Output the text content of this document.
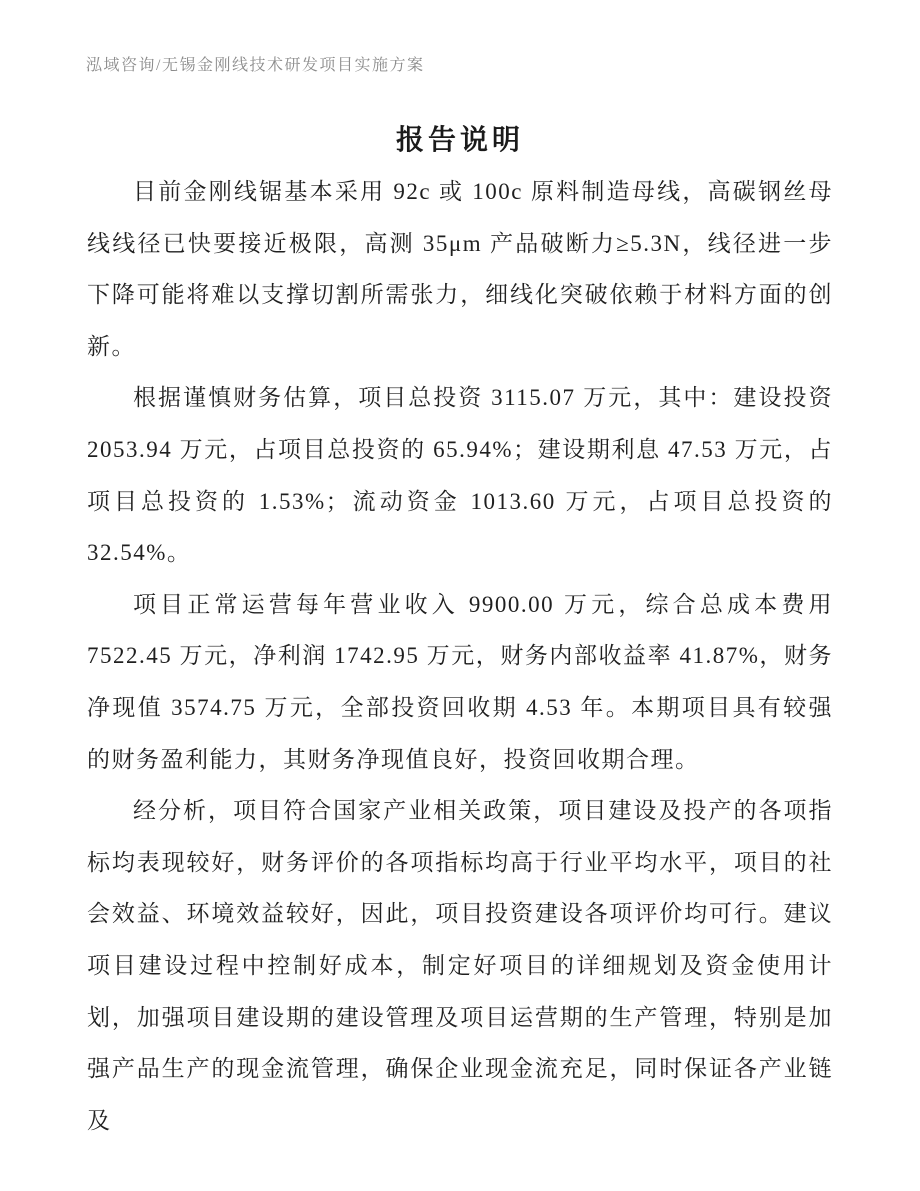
泓域咨询/无锡金刚线技术研发项目实施方案
报告说明

目前金刚线锯基本采用 92c 或 100c 原料制造母线，高碳钢丝母线线径已快要接近极限，高测 35μm 产品破断力≥5.3N，线径进一步下降可能将难以支撑切割所需张力，细线化突破依赖于材料方面的创新。

根据谨慎财务估算，项目总投资 3115.07 万元，其中：建设投资 2053.94 万元，占项目总投资的 65.94%；建设期利息 47.53 万元，占项目总投资的 1.53%；流动资金 1013.60 万元，占项目总投资的 32.54%。

项目正常运营每年营业收入 9900.00 万元，综合总成本费用 7522.45 万元，净利润 1742.95 万元，财务内部收益率 41.87%，财务净现值 3574.75 万元，全部投资回收期 4.53 年。本期项目具有较强的财务盈利能力，其财务净现值良好，投资回收期合理。

经分析，项目符合国家产业相关政策，项目建设及投产的各项指标均表现较好，财务评价的各项指标均高于行业平均水平，项目的社会效益、环境效益较好，因此，项目投资建设各项评价均可行。建议项目建设过程中控制好成本，制定好项目的详细规划及资金使用计划，加强项目建设期的建设管理及项目运营期的生产管理，特别是加强产品生产的现金流管理，确保企业现金流充足，同时保证各产业链及
